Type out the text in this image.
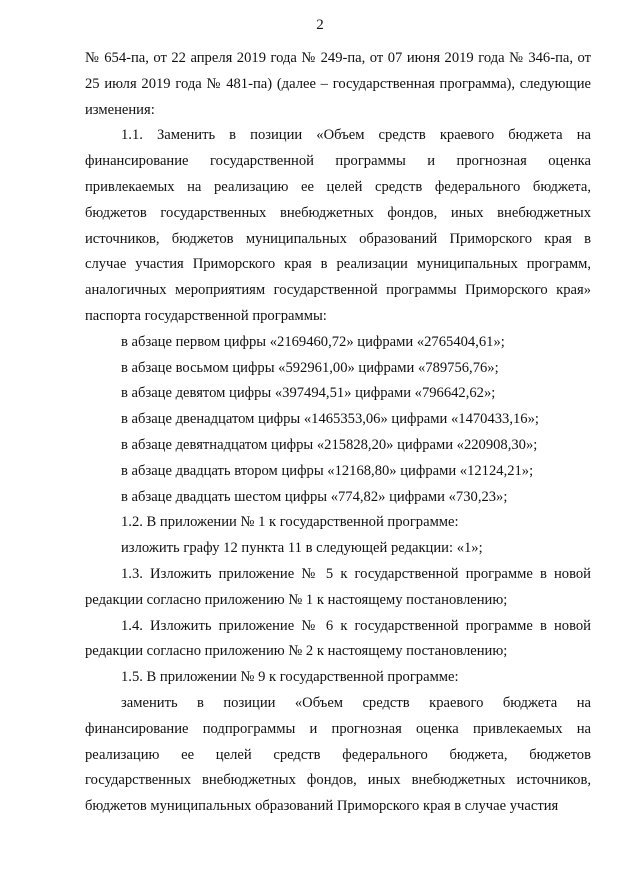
2

№ 654-па, от 22 апреля 2019 года № 249-па, от 07 июня 2019 года № 346-па, от

25 июля 2019 года № 481-па) (далее – государственная программа), следующие

изменения:

1.1. Заменить в позиции «Объем средств краевого бюджета на

финансирование государственной программы и прогнозная оценка

привлекаемых на реализацию ее целей средств федерального бюджета,

бюджетов государственных внебюджетных фондов, иных внебюджетных

источников, бюджетов муниципальных образований Приморского края в

случае участия Приморского края в реализации муниципальных программ,

аналогичных мероприятиям государственной программы Приморского края»

паспорта государственной программы:

в абзаце первом цифры «2169460,72» цифрами «2765404,61»;

в абзаце восьмом цифры «592961,00» цифрами «789756,76»;

в абзаце девятом цифры «397494,51» цифрами «796642,62»;

в абзаце двенадцатом цифры «1465353,06» цифрами «1470433,16»;

в абзаце девятнадцатом цифры «215828,20» цифрами «220908,30»;

в абзаце двадцать втором цифры «12168,80» цифрами «12124,21»;

в абзаце двадцать шестом цифры «774,82» цифрами «730,23»;

1.2. В приложении № 1 к государственной программе:

изложить графу 12 пункта 11 в следующей редакции: «1»;

1.3. Изложить приложение № 5 к государственной программе в новой

редакции согласно приложению № 1 к настоящему постановлению;

1.4. Изложить приложение № 6 к государственной программе в новой

редакции согласно приложению № 2 к настоящему постановлению;

1.5. В приложении № 9 к государственной программе:

заменить в позиции «Объем средств краевого бюджета на

финансирование подпрограммы и прогнозная оценка привлекаемых на

реализацию ее целей средств федерального бюджета, бюджетов

государственных внебюджетных фондов, иных внебюджетных источников,

бюджетов муниципальных образований Приморского края в случае участия
